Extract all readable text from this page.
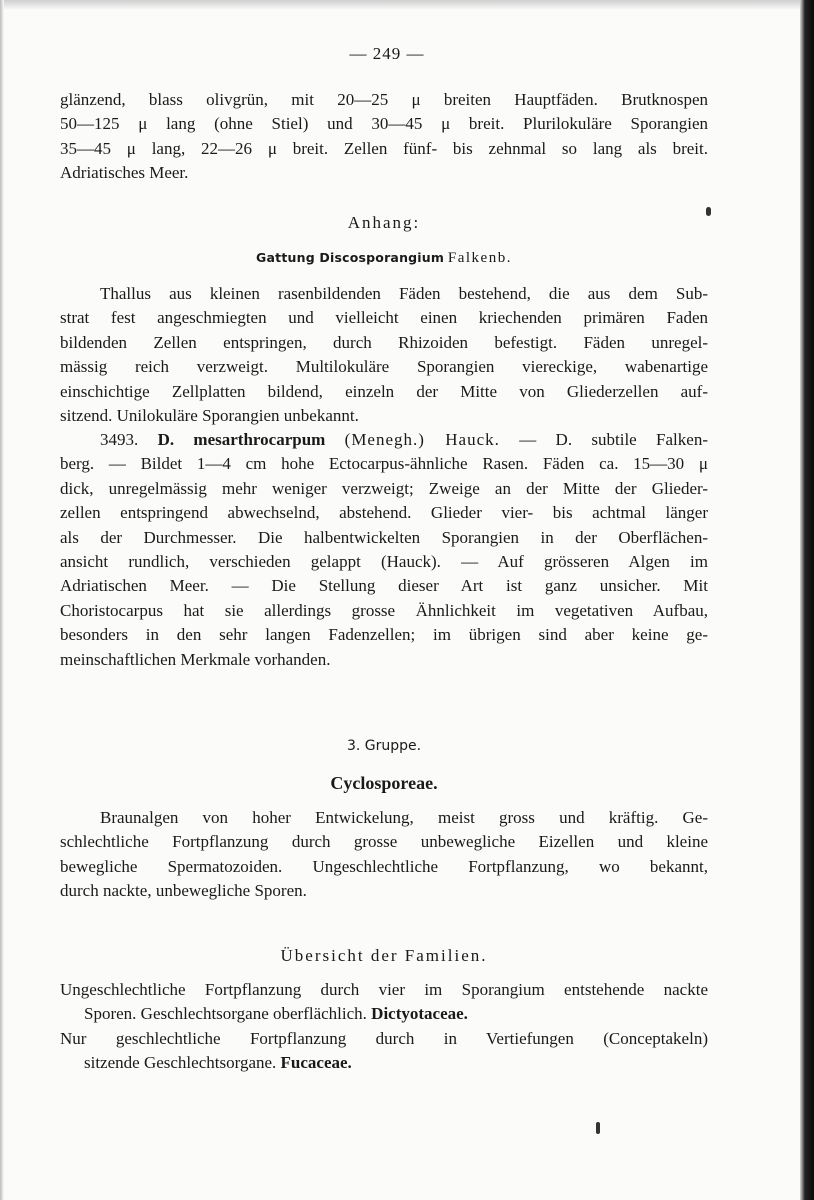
— 249 —
glänzend, blass olivgrün, mit 20—25 μ breiten Hauptfäden. Brutknospen
50—125 μ lang (ohne Stiel) und 30—45 μ breit. Plurilokuläre Sporangien
35—45 μ lang, 22—26 μ breit. Zellen fünf- bis zehnmal so lang als breit.
Adriatisches Meer.
Anhang:
Gattung Discosporangium Falkenb.
Thallus aus kleinen rasenbildenden Fäden bestehend, die aus dem Sub-
strat fest angeschmiegten und vielleicht einen kriechenden primären Faden
bildenden Zellen entspringen, durch Rhizoiden befestigt. Fäden unregel-
mässig reich verzweigt. Multilokuläre Sporangien viereckige, wabenartige
einschichtige Zellplatten bildend, einzeln der Mitte von Gliederzellen auf-
sitzend. Unilokuläre Sporangien unbekannt.
3493. D. mesarthrocarpum (Menegh.) Hauck. — D. subtile Falken-
berg. — Bildet 1—4 cm hohe Ectocarpus-ähnliche Rasen. Fäden ca. 15—30 μ
dick, unregelmässig mehr weniger verzweigt; Zweige an der Mitte der Glieder-
zellen entspringend abwechselnd, abstehend. Glieder vier- bis achtmal länger
als der Durchmesser. Die halbentwickelten Sporangien in der Oberflächen-
ansicht rundlich, verschieden gelappt (Hauck). — Auf grösseren Algen im
Adriatischen Meer. — Die Stellung dieser Art ist ganz unsicher. Mit
Choristocarpus hat sie allerdings grosse Ähnlichkeit im vegetativen Aufbau,
besonders in den sehr langen Fadenzellen; im übrigen sind aber keine ge-
meinschaftlichen Merkmale vorhanden.
3. Gruppe.
Cyclosporeae.
Braunalgen von hoher Entwickelung, meist gross und kräftig. Ge-
schlechtliche Fortpflanzung durch grosse unbewegliche Eizellen und kleine
bewegliche Spermatozoiden. Ungeschlechtliche Fortpflanzung, wo bekannt,
durch nackte, unbewegliche Sporen.
Übersicht der Familien.
Ungeschlechtliche Fortpflanzung durch vier im Sporangium entstehende nackte
Sporen. Geschlechtsorgane oberflächlich. Dictyotaceae.
Nur geschlechtliche Fortpflanzung durch in Vertiefungen (Conceptakeln)
sitzende Geschlechtsorgane. Fucaceae.
